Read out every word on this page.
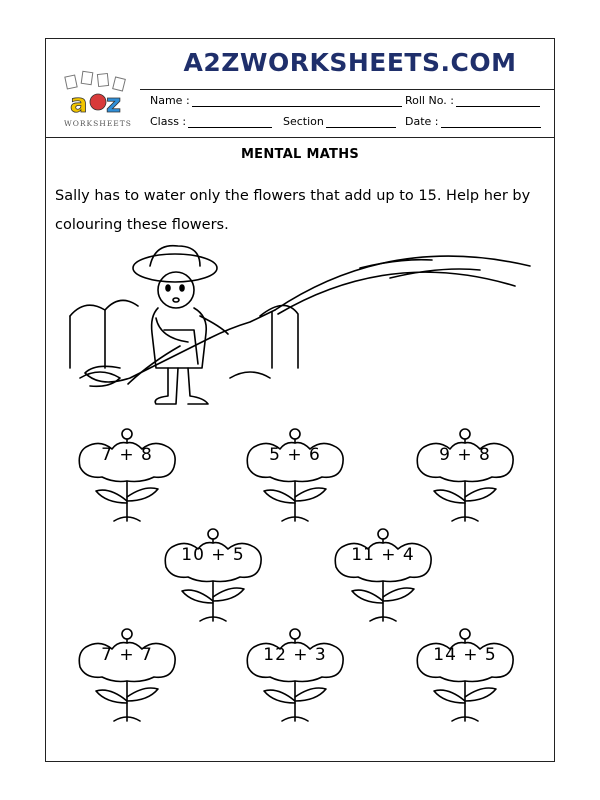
a z
WORKSHEETS
A2ZWORKSHEETS.COM
Name :	Roll No. :
Class :	Section	Date :
MENTAL MATHS
Sally has to water only the flowers that add up to 15. Help her by colouring these flowers.
7 + 8	5 + 6	9 + 8
10 + 5	11 + 4
7 + 7	12 + 3	14 + 5
